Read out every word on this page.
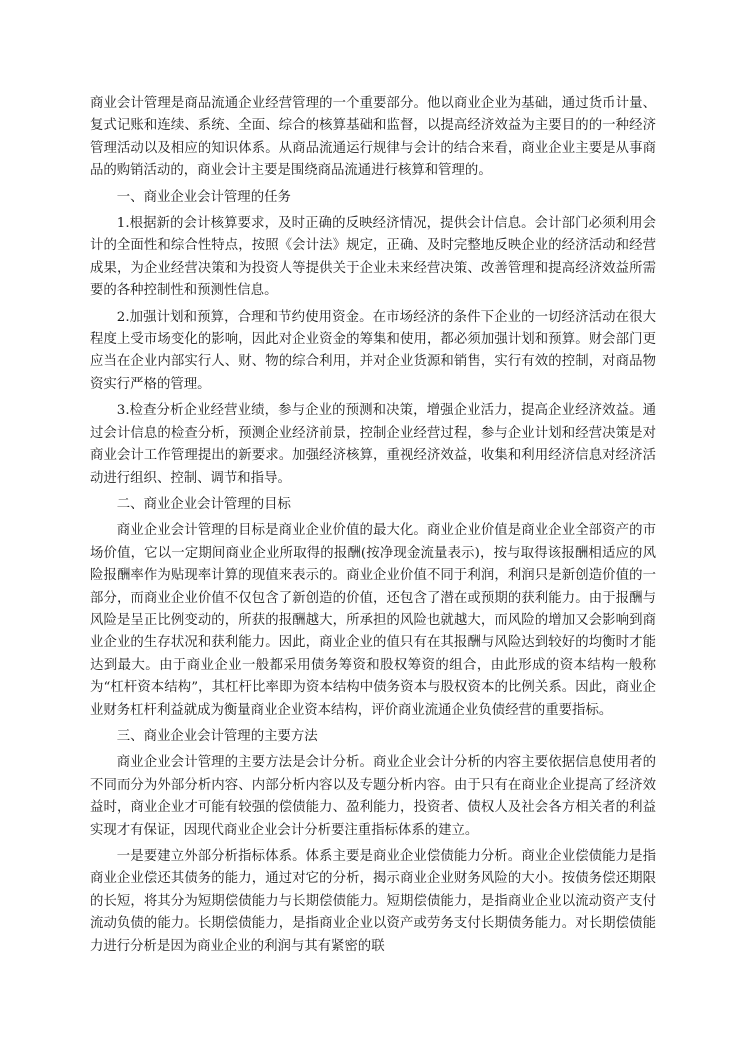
商业会计管理是商品流通企业经营管理的一个重要部分。他以商业企业为基础，通过货币计量、复式记账和连续、系统、全面、综合的核算基础和监督，以提高经济效益为主要目的的一种经济管理活动以及相应的知识体系。从商品流通运行规律与会计的结合来看，商业企业主要是从事商品的购销活动的，商业会计主要是围绕商品流通进行核算和管理的。

一、商业企业会计管理的任务

1.根据新的会计核算要求，及时正确的反映经济情况，提供会计信息。会计部门必须利用会计的全面性和综合性特点，按照《会计法》规定，正确、及时完整地反映企业的经济活动和经营成果，为企业经营决策和为投资人等提供关于企业未来经营决策、改善管理和提高经济效益所需要的各种控制性和预测性信息。

2.加强计划和预算，合理和节约使用资金。在市场经济的条件下企业的一切经济活动在很大程度上受市场变化的影响，因此对企业资金的筹集和使用，都必须加强计划和预算。财会部门更应当在企业内部实行人、财、物的综合利用，并对企业货源和销售，实行有效的控制，对商品物资实行严格的管理。

3.检查分析企业经营业绩，参与企业的预测和决策，增强企业活力，提高企业经济效益。通过会计信息的检查分析，预测企业经济前景，控制企业经营过程，参与企业计划和经营决策是对商业会计工作管理提出的新要求。加强经济核算，重视经济效益，收集和利用经济信息对经济活动进行组织、控制、调节和指导。

二、商业企业会计管理的目标

商业企业会计管理的目标是商业企业价值的最大化。商业企业价值是商业企业全部资产的市场价值，它以一定期间商业企业所取得的报酬(按净现金流量表示)，按与取得该报酬相适应的风险报酬率作为贴现率计算的现值来表示的。商业企业价值不同于利润，利润只是新创造价值的一部分，而商业企业价值不仅包含了新创造的价值，还包含了潜在或预期的获利能力。由于报酬与风险是呈正比例变动的，所获的报酬越大，所承担的风险也就越大，而风险的增加又会影响到商业企业的生存状况和获利能力。因此，商业企业的值只有在其报酬与风险达到较好的均衡时才能达到最大。由于商业企业一般都采用债务筹资和股权筹资的组合，由此形成的资本结构一般称为“杠杆资本结构”，其杠杆比率即为资本结构中债务资本与股权资本的比例关系。因此，商业企业财务杠杆利益就成为衡量商业企业资本结构，评价商业流通企业负债经营的重要指标。

三、商业企业会计管理的主要方法

商业企业会计管理的主要方法是会计分析。商业企业会计分析的内容主要依据信息使用者的不同而分为外部分析内容、内部分析内容以及专题分析内容。由于只有在商业企业提高了经济效益时，商业企业才可能有较强的偿债能力、盈利能力，投资者、债权人及社会各方相关者的利益实现才有保证，因现代商业企业会计分析要注重指标体系的建立。

一是要建立外部分析指标体系。体系主要是商业企业偿债能力分析。商业企业偿债能力是指商业企业偿还其债务的能力，通过对它的分析，揭示商业企业财务风险的大小。按债务偿还期限的长短，将其分为短期偿债能力与长期偿债能力。短期偿债能力，是指商业企业以流动资产支付流动负债的能力。长期偿债能力，是指商业企业以资产或劳务支付长期债务能力。对长期偿债能力进行分析是因为商业企业的利润与其有紧密的联
